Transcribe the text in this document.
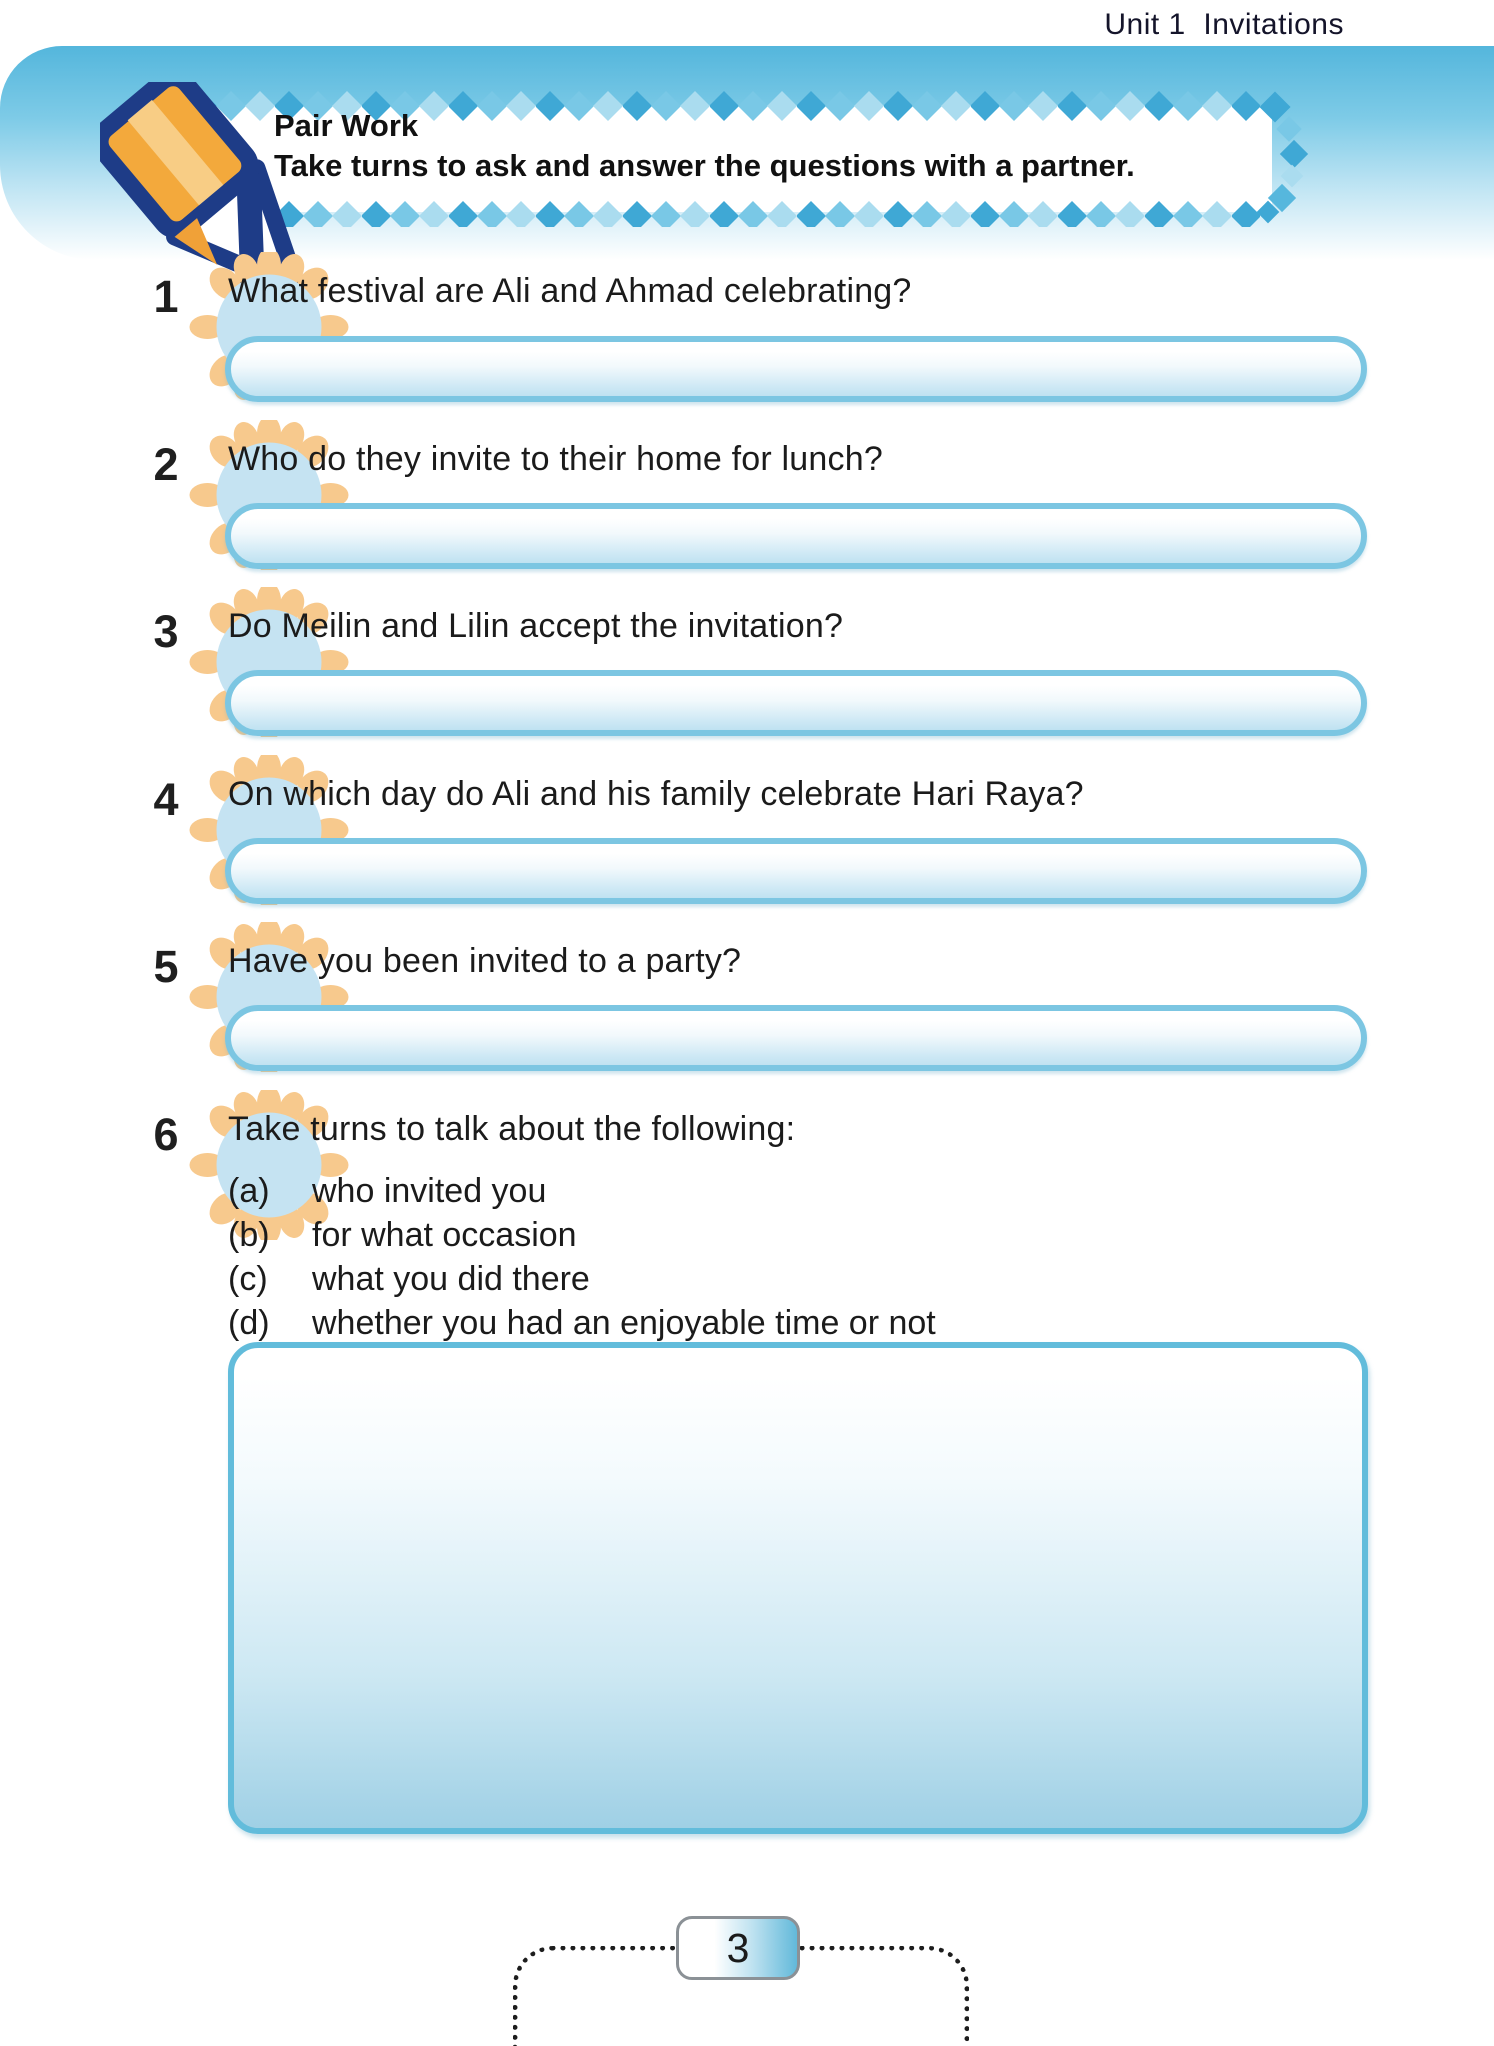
Unit 1  Invitations
Pair Work
Take turns to ask and answer the questions with a partner.
1	What festival are Ali and Ahmad celebrating?
2	Who do they invite to their home for lunch?
3	Do Meilin and Lilin accept the invitation?
4	On which day do Ali and his family celebrate Hari Raya?
5	Have you been invited to a party?
6	Take turns to talk about the following:
(a) who invited you
(b) for what occasion
(c) what you did there
(d) whether you had an enjoyable time or not
3
